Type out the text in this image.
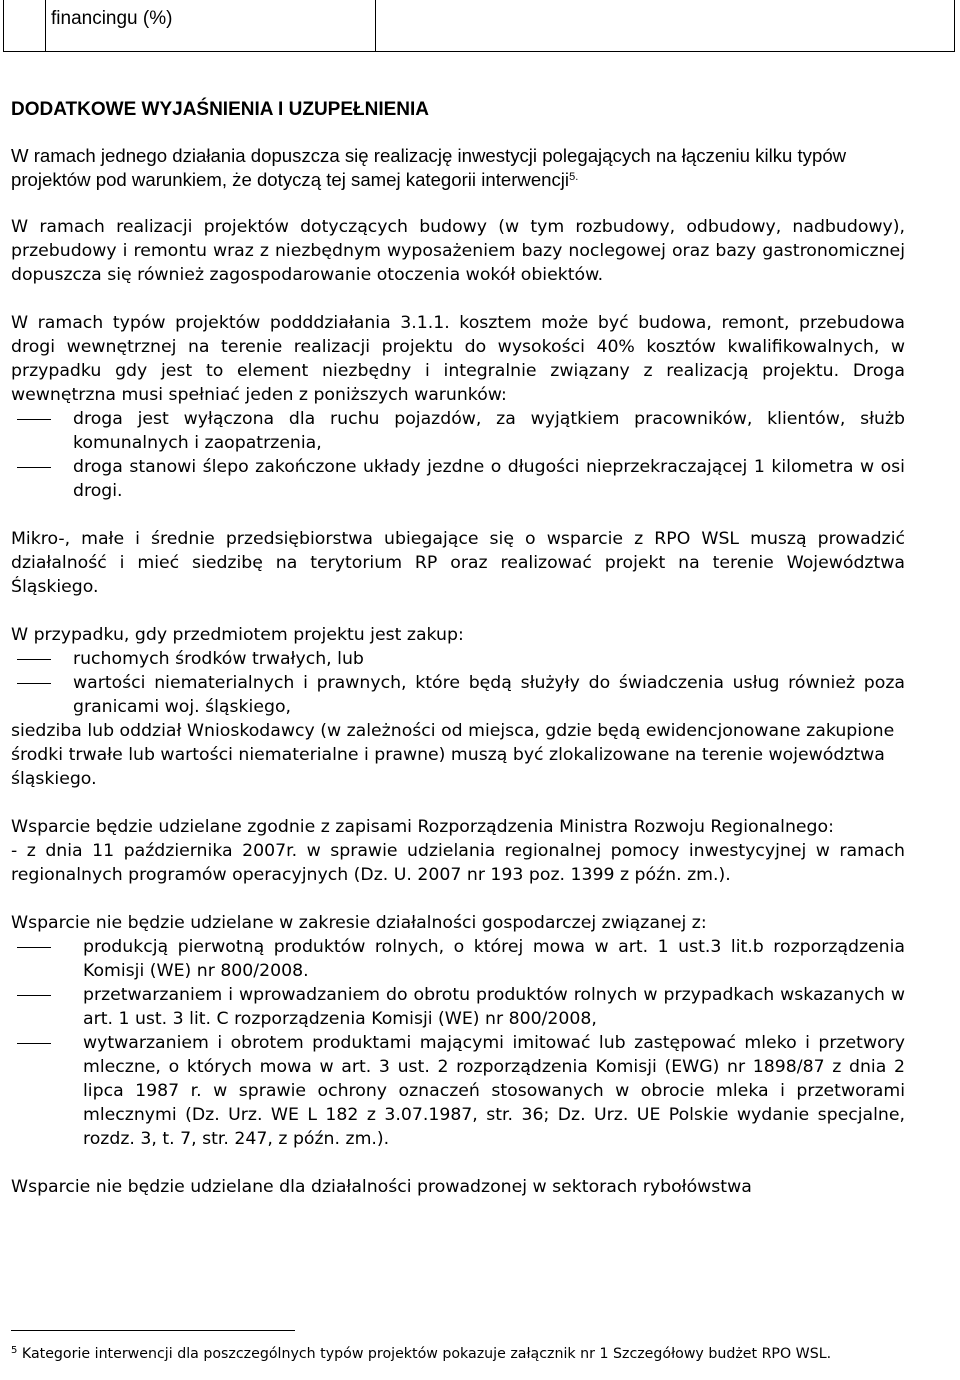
financingu (%)
DODATKOWE WYJAŚNIENIA I UZUPEŁNIENIA

W ramach jednego działania dopuszcza się realizację inwestycji polegających na łączeniu kilku typów projektów pod warunkiem, że dotyczą tej samej kategorii interwencji$^{5.}$

W ramach realizacji projektów dotyczących budowy (w tym rozbudowy, odbudowy, nadbudowy), przebudowy i remontu wraz z niezbędnym wyposażeniem bazy noclegowej oraz bazy gastronomicznej dopuszcza się również zagospodarowanie otoczenia wokół obiektów.

W ramach typów projektów podddziałania 3.1.1. kosztem może być budowa, remont, przebudowa drogi wewnętrznej na terenie realizacji projektu do wysokości 40% kosztów kwalifikowalnych, w przypadku gdy jest to element niezbędny i integralnie związany z realizacją projektu. Droga wewnętrzna musi spełniać jeden z poniższych warunków:

droga jest wyłączona dla ruchu pojazdów, za wyjątkiem pracowników, klientów, służb komunalnych i zaopatrzenia,
droga stanowi ślepo zakończone układy jezdne o długości nieprzekraczającej 1 kilometra w osi drogi.

Mikro-, małe i średnie przedsiębiorstwa ubiegające się o wsparcie z RPO WSL muszą prowadzić działalność i mieć siedzibę na terytorium RP oraz realizować projekt na terenie Województwa Śląskiego.

W przypadku, gdy przedmiotem projektu jest zakup:

ruchomych środków trwałych, lub
wartości niematerialnych i prawnych, które będą służyły do świadczenia usług również poza granicami woj. śląskiego,

siedziba lub oddział Wnioskodawcy (w zależności od miejsca, gdzie będą ewidencjonowane zakupione środki trwałe lub wartości niematerialne i prawne) muszą być zlokalizowane na terenie województwa śląskiego.

Wsparcie będzie udzielane zgodnie z zapisami Rozporządzenia Ministra Rozwoju Regionalnego:

- z dnia 11 października 2007r. w sprawie udzielania regionalnej pomocy inwestycyjnej w ramach regionalnych programów operacyjnych (Dz. U. 2007 nr 193 poz. 1399 z późn. zm.).

Wsparcie nie będzie udzielane w zakresie działalności gospodarczej związanej z:

produkcją pierwotną produktów rolnych, o której mowa w art. 1 ust.3 lit.b rozporządzenia Komisji (WE) nr 800/2008.
przetwarzaniem i wprowadzaniem do obrotu produktów rolnych w przypadkach wskazanych w art. 1 ust. 3 lit. C rozporządzenia Komisji (WE) nr 800/2008,
wytwarzaniem i obrotem produktami mającymi imitować lub zastępować mleko i przetwory mleczne, o których mowa w art. 3 ust. 2 rozporządzenia Komisji (EWG) nr 1898/87 z dnia 2 lipca 1987 r. w sprawie ochrony oznaczeń stosowanych w obrocie mleka i przetworami mlecznymi (Dz. Urz. WE L 182 z 3.07.1987, str. 36; Dz. Urz. UE Polskie wydanie specjalne, rozdz. 3, t. 7, str. 247, z późn. zm.).

Wsparcie nie będzie udzielane dla działalności prowadzonej w sektorach rybołówstwa

$^5$ Kategorie interwencji dla poszczególnych typów projektów pokazuje załącznik nr 1 Szczegółowy budżet RPO WSL.
